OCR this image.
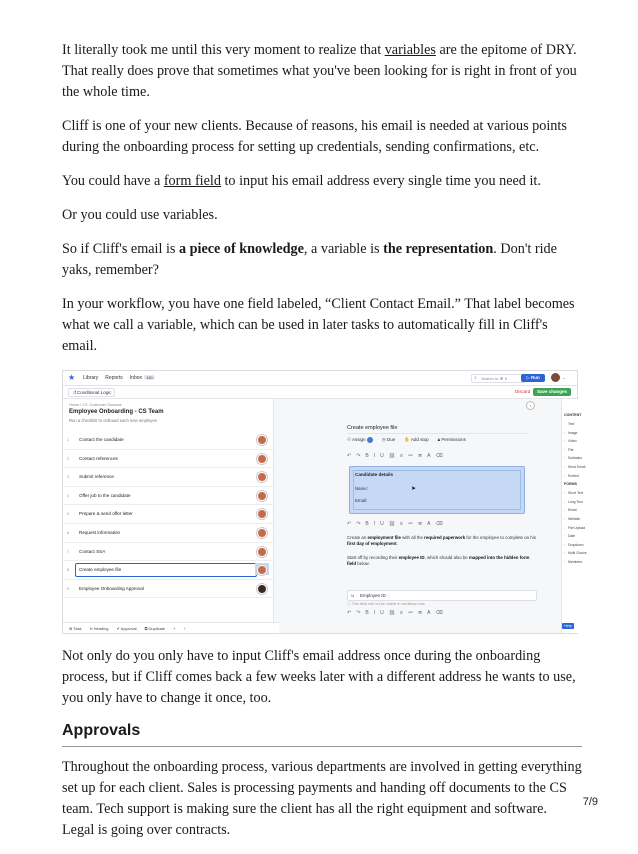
It literally took me until this very moment to realize that variables are the epitome of DRY. That really does prove that sometimes what you've been looking for is right in front of you the whole time.

Cliff is one of your new clients. Because of reasons, his email is needed at various points during the onboarding process for setting up credentials, sending confirmations, etc.

You could have a form field to input his email address every single time you need it.

Or you could use variables.

So if Cliff's email is a piece of knowledge, a variable is the representation. Don't ride yaks, remember?

In your workflow, you have one field labeled, “Client Contact Email.” That label becomes what we call a variable, which can be used in later tasks to automatically fill in Cliff's email.

★ Library Reports Inbox 130	⌕ Search or ⌘ K	▷ Run	⌄
⤨ Conditional Logic	Discard	Save changes
Home / CS: Customer Success
Employee Onboarding - CS Team
Run a checklist to onboard each new employee
1 Contact the candidate
2 Contact references
3 Submit reference
4 Offer job to the candidate
5 Prepare & send offer letter
6 Request information
7 Contact SSA
8 Create employee file
9 Employee Onboarding Approval
⊞ Task H Heading ✔ Approval ⧉ Duplicate + ↑
Create employee file
⚇ Assign	◷ Due ✋ Add stop 🔒︎ Permissions
↶↷BIU⛓≡≔≣A⌫
Candidate details
Name:
Email:
➤
↶↷BIU⛓≡≔≣A⌫
Create an employment file with all the required paperwork for the employee to complete on his first day of employment.
Start off by recording their employee ID, which should also be mapped into the hidden form field below.
⇆ Employee ID
ⓘ This field will not be visible in workflow runs
↶↷BIU⛓≡≔≣A⌫
›
CONTENT
▫ Text
▫ Image
▫ Video
▫ File
▫ Subtasks
▫ Send Email
▫ Embed
FORMS
▫ Short Text
▫ Long Text
▫ Email
▫ Website
▫ File Upload
▫ Date
▫ Dropdown
▫ Multi Choice
▫ Members
Help

Not only do you only have to input Cliff's email address once during the onboarding process, but if Cliff comes back a few weeks later with a different address he wants to use, you only have to change it once, too.

Approvals

Throughout the onboarding process, various departments are involved in getting everything set up for each client. Sales is processing payments and handing off documents to the CS team. Tech support is making sure the client has all the right equipment and software. Legal is going over contracts.

7/9
